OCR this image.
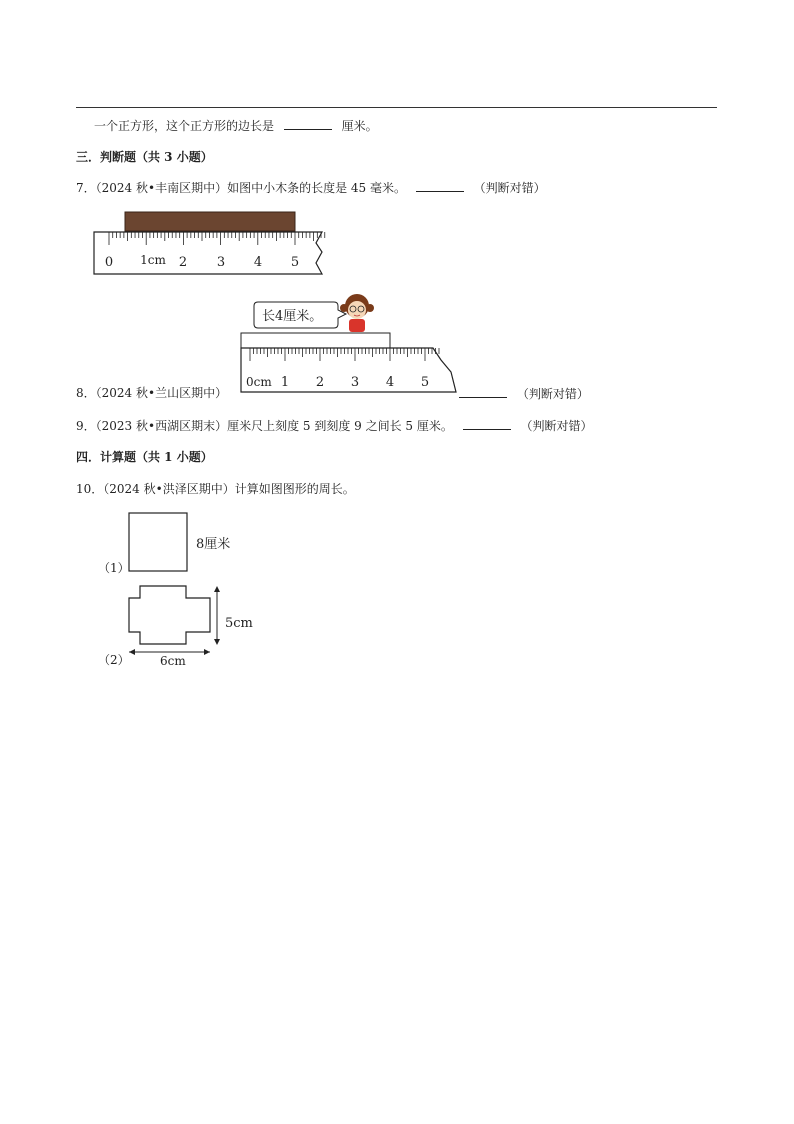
一个正方形，这个正方形的边长是	厘米。
三．判断题（共 3 小题）
7．（2024 秋•丰南区期中）如图中小木条的长度是 45 毫米。	（判断对错）
0 1cm 2 3 4 5
长4厘米。
0cm 1 2 3 4 5
8．（2024 秋•兰山区期中）	（判断对错）
9．（2023 秋•西湖区期末）厘米尺上刻度 5 到刻度 9 之间长 5 厘米。	（判断对错）
四．计算题（共 1 小题）
10．（2024 秋•洪泽区期中）计算如图图形的周长。
（1）
8厘米
5cm
6cm
（2）
